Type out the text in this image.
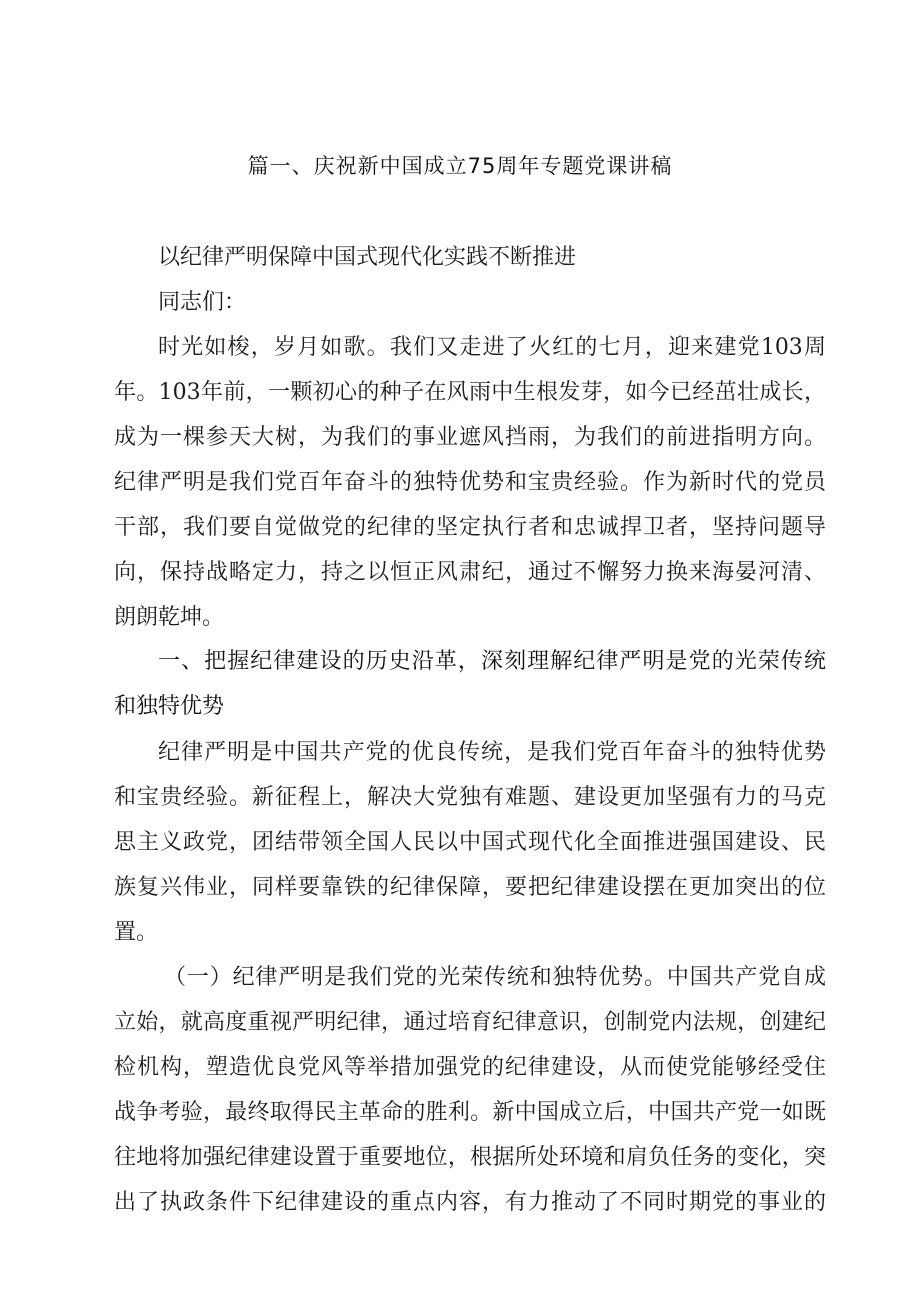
篇一、庆祝新中国成立75周年专题党课讲稿
以纪律严明保障中国式现代化实践不断推进
同志们：
时光如梭，岁月如歌。我们又走进了火红的七月，迎来建党103周
年。103年前，一颗初心的种子在风雨中生根发芽，如今已经茁壮成长，
成为一棵参天大树，为我们的事业遮风挡雨，为我们的前进指明方向。
纪律严明是我们党百年奋斗的独特优势和宝贵经验。作为新时代的党员
干部，我们要自觉做党的纪律的坚定执行者和忠诚捍卫者，坚持问题导
向，保持战略定力，持之以恒正风肃纪，通过不懈努力换来海晏河清、
朗朗乾坤。
一、把握纪律建设的历史沿革，深刻理解纪律严明是党的光荣传统
和独特优势
纪律严明是中国共产党的优良传统，是我们党百年奋斗的独特优势
和宝贵经验。新征程上，解决大党独有难题、建设更加坚强有力的马克
思主义政党，团结带领全国人民以中国式现代化全面推进强国建设、民
族复兴伟业，同样要靠铁的纪律保障，要把纪律建设摆在更加突出的位
置。
（一）纪律严明是我们党的光荣传统和独特优势。中国共产党自成
立始，就高度重视严明纪律，通过培育纪律意识，创制党内法规，创建纪
检机构，塑造优良党风等举措加强党的纪律建设，从而使党能够经受住
战争考验，最终取得民主革命的胜利。新中国成立后，中国共产党一如既
往地将加强纪律建设置于重要地位，根据所处环境和肩负任务的变化，突
出了执政条件下纪律建设的重点内容，有力推动了不同时期党的事业的
